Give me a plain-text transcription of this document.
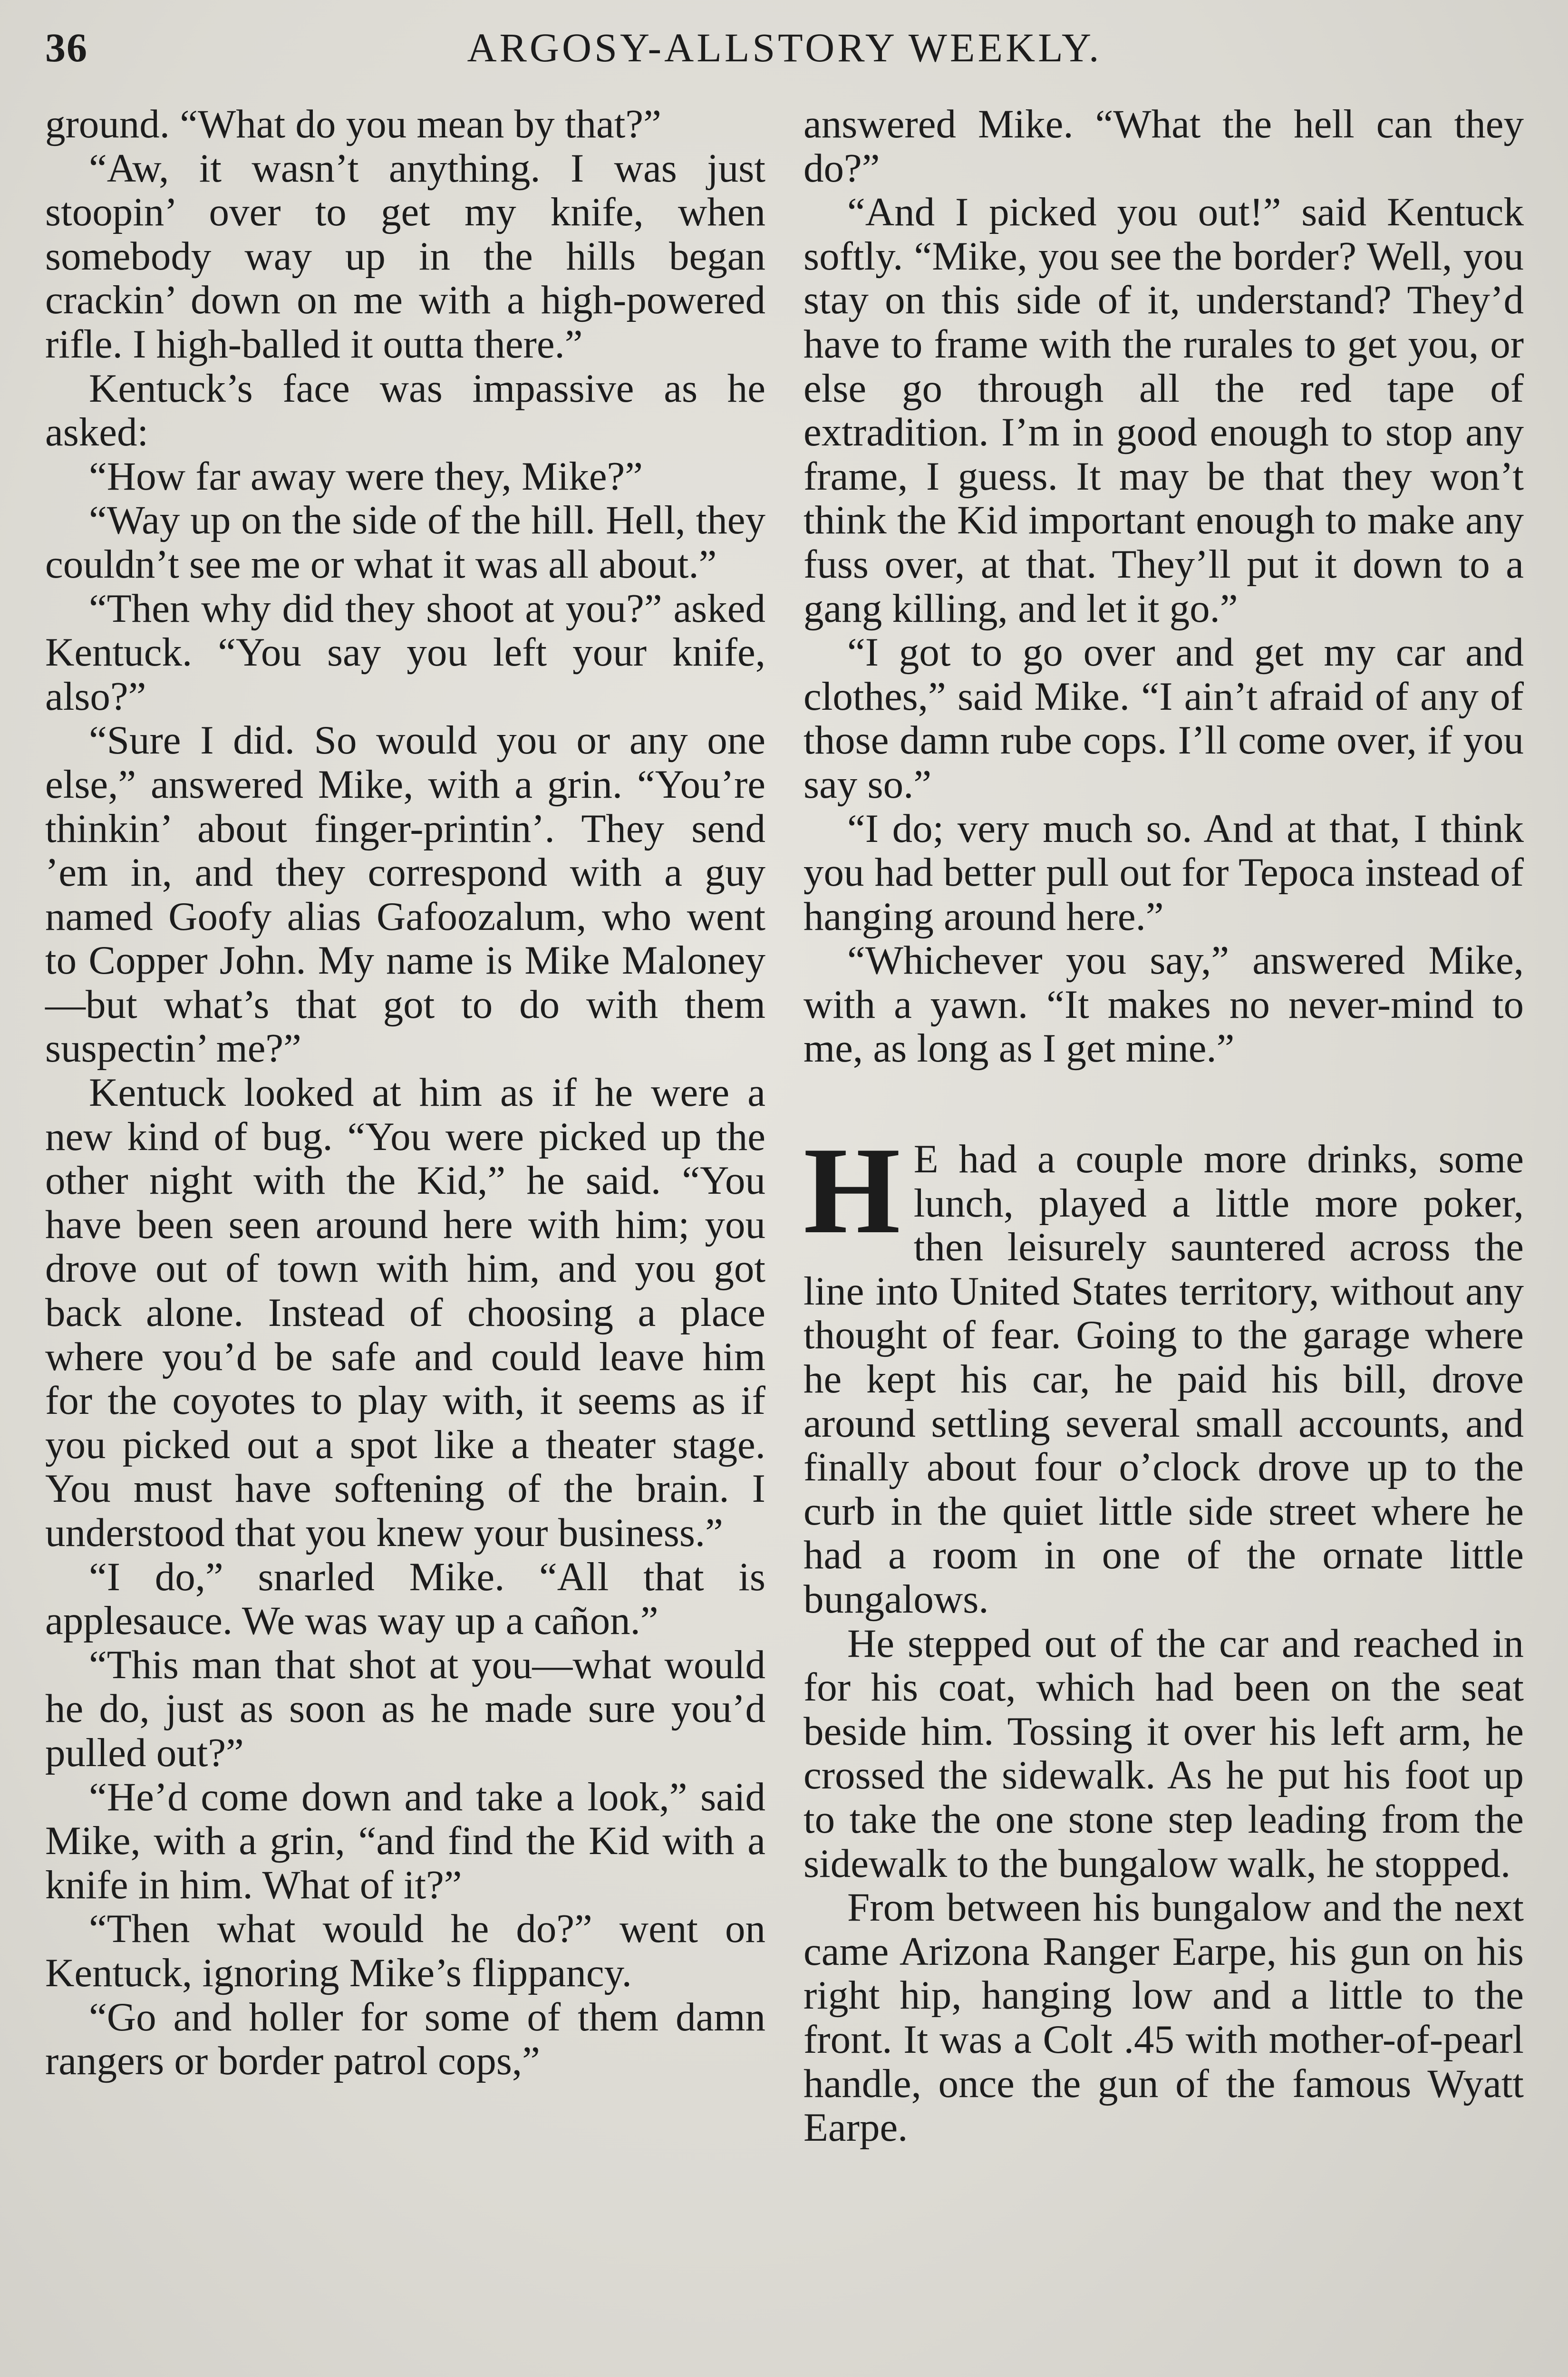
36	ARGOSY-ALLSTORY WEEKLY.

ground. “What do you mean by that?”

“Aw, it wasn’t anything. I was just stoopin’ over to get my knife, when somebody way up in the hills began crackin’ down on me with a high-powered rifle. I high-balled it outta there.”

Kentuck’s face was impassive as he asked:

“How far away were they, Mike?”

“Way up on the side of the hill. Hell, they couldn’t see me or what it was all about.”

“Then why did they shoot at you?” asked Kentuck. “You say you left your knife, also?”

“Sure I did. So would you or any one else,” answered Mike, with a grin. “You’re thinkin’ about finger-printin’. They send ’em in, and they correspond with a guy named Goofy alias Gafoozalum, who went to Copper John. My name is Mike Maloney—but what’s that got to do with them suspectin’ me?”

Kentuck looked at him as if he were a new kind of bug. “You were picked up the other night with the Kid,” he said. “You have been seen around here with him; you drove out of town with him, and you got back alone. Instead of choosing a place where you’d be safe and could leave him for the coyotes to play with, it seems as if you picked out a spot like a theater stage. You must have softening of the brain. I understood that you knew your business.”

“I do,” snarled Mike. “All that is applesauce. We was way up a cañon.”

“This man that shot at you—what would he do, just as soon as he made sure you’d pulled out?”

“He’d come down and take a look,” said Mike, with a grin, “and find the Kid with a knife in him. What of it?”

“Then what would he do?” went on Kentuck, ignoring Mike’s flippancy.

“Go and holler for some of them damn rangers or border patrol cops,”

answered Mike. “What the hell can they do?”

“And I picked you out!” said Kentuck softly. “Mike, you see the border? Well, you stay on this side of it, understand? They’d have to frame with the rurales to get you, or else go through all the red tape of extradition. I’m in good enough to stop any frame, I guess. It may be that they won’t think the Kid important enough to make any fuss over, at that. They’ll put it down to a gang killing, and let it go.”

“I got to go over and get my car and clothes,” said Mike. “I ain’t afraid of any of those damn rube cops. I’ll come over, if you say so.”

“I do; very much so. And at that, I think you had better pull out for Tepoca instead of hanging around here.”

“Whichever you say,” answered Mike, with a yawn. “It makes no never-mind to me, as long as I get mine.”

H E had a couple more drinks, some lunch, played a little more poker, then leisurely sauntered across the line into United States territory, without any thought of fear. Going to the garage where he kept his car, he paid his bill, drove around settling several small accounts, and finally about four o’clock drove up to the curb in the quiet little side street where he had a room in one of the ornate little bungalows.

He stepped out of the car and reached in for his coat, which had been on the seat beside him. Tossing it over his left arm, he crossed the sidewalk. As he put his foot up to take the one stone step leading from the sidewalk to the bungalow walk, he stopped.

From between his bungalow and the next came Arizona Ranger Earpe, his gun on his right hip, hanging low and a little to the front. It was a Colt .45 with mother-of-pearl handle, once the gun of the famous Wyatt Earpe.
